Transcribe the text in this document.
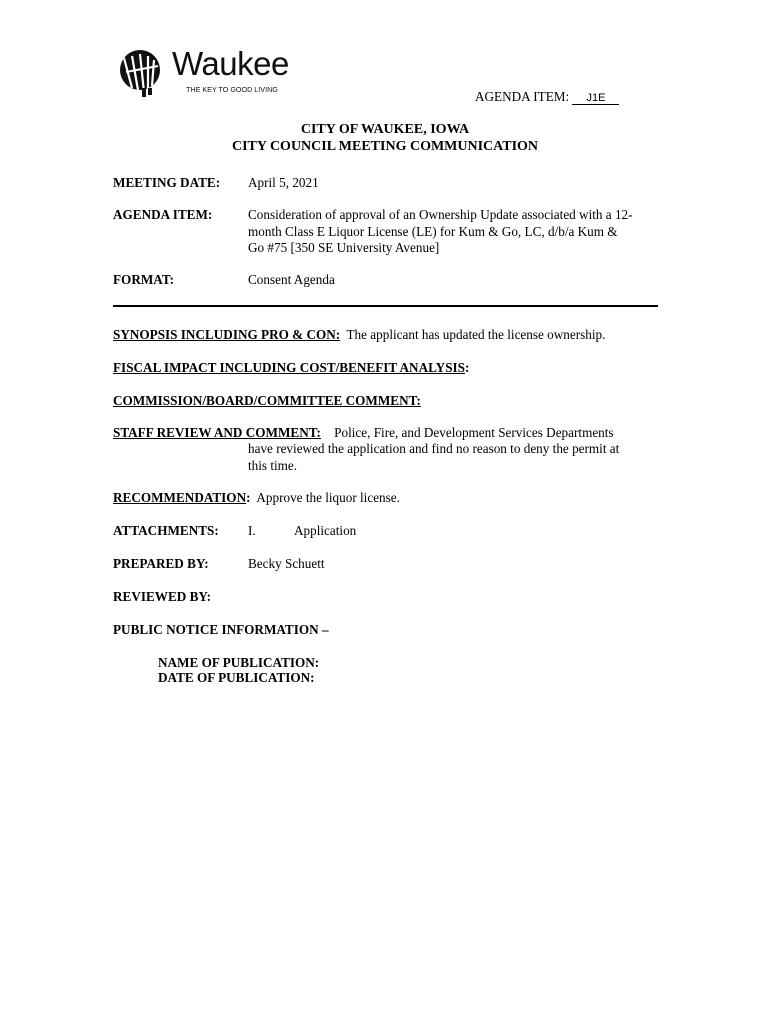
Waukee
THE KEY TO GOOD LIVING	AGENDA ITEM: J1E
CITY OF WAUKEE, IOWA
CITY COUNCIL MEETING COMMUNICATION
MEETING DATE: April 5, 2021
AGENDA ITEM:	Consideration of approval of an Ownership Update associated with a 12-
month Class E Liquor License (LE) for Kum & Go, LC, d/b/a Kum &
Go #75 [350 SE University Avenue]
FORMAT:	Consent Agenda
SYNOPSIS INCLUDING PRO & CON: The applicant has updated the license ownership.
FISCAL IMPACT INCLUDING COST/BENEFIT ANALYSIS:
COMMISSION/BOARD/COMMITTEE COMMENT:
STAFF REVIEW AND COMMENT: Police, Fire, and Development Services Departments
have reviewed the application and find no reason to deny the permit at
this time.
RECOMMENDATION: Approve the liquor license.
ATTACHMENTS: I.	Application
PREPARED BY:	Becky Schuett
REVIEWED BY:
PUBLIC NOTICE INFORMATION –
NAME OF PUBLICATION:
DATE OF PUBLICATION:
